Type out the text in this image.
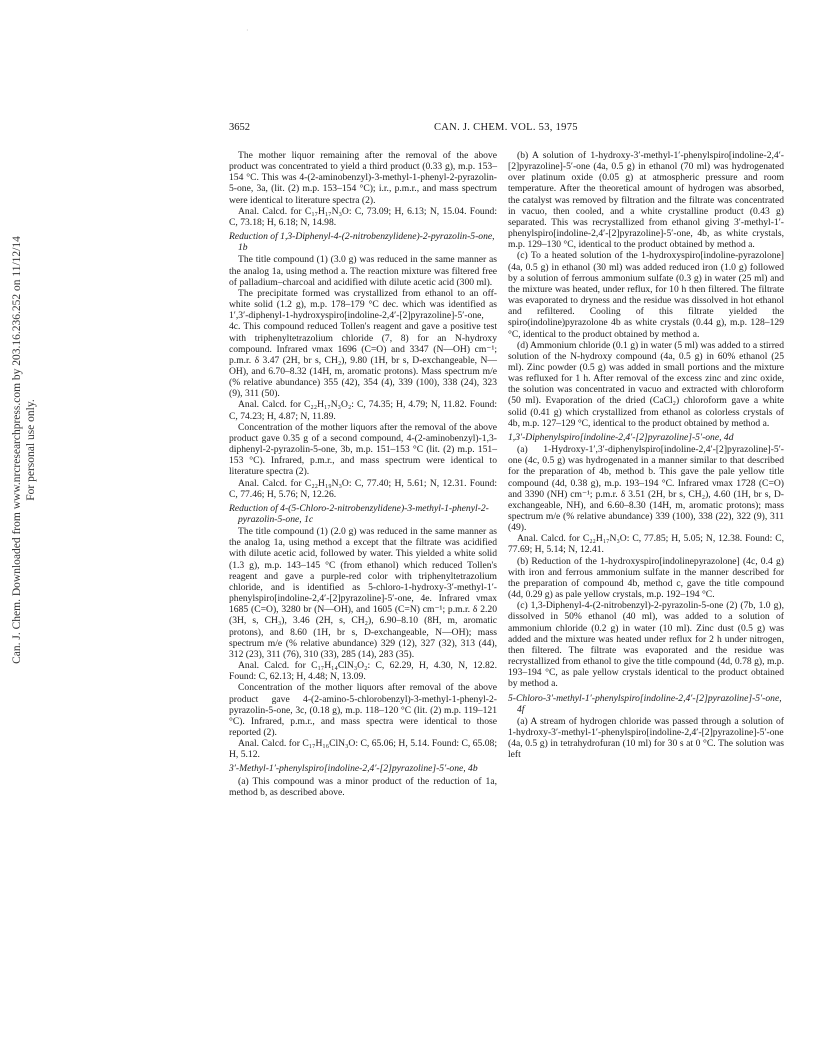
Can. J. Chem. Downloaded from www.nrcresearchpress.com by 203.16.236.252 on 11/12/14 For personal use only.
·
3652	CAN. J. CHEM. VOL. 53, 1975
The mother liquor remaining after the removal of the above product was concentrated to yield a third product (0.33 g), m.p. 153–154 °C. This was 4-(2-aminobenzyl)-3-methyl-1-phenyl-2-pyrazolin-5-one, 3a, (lit. (2) m.p. 153–154 °C); i.r., p.m.r., and mass spectrum were identical to literature spectra (2).
Anal. Calcd. for C₁₇H₁₇N₃O: C, 73.09; H, 6.13; N, 15.04. Found: C, 73.18; H, 6.18; N, 14.98.
Reduction of 1,3-Diphenyl-4-(2-nitrobenzylidene)-2-pyrazolin-5-one, 1b
The title compound (1) (3.0 g) was reduced in the same manner as the analog 1a, using method a. The reaction mixture was filtered free of palladium–charcoal and acidified with dilute acetic acid (300 ml).
The precipitate formed was crystallized from ethanol to an off-white solid (1.2 g), m.p. 178–179 °C dec. which was identified as 1′,3′-diphenyl-1-hydroxyspiro[indoline-2,4′-[2]pyrazoline]-5′-one, 4c. This compound reduced Tollen's reagent and gave a positive test with triphenyltetrazolium chloride (7, 8) for an N-hydroxy compound. Infrared νmax 1696 (C=O) and 3347 (N—OH) cm⁻¹; p.m.r. δ 3.47 (2H, br s, CH₂), 9.80 (1H, br s, D-exchangeable, N—OH), and 6.70–8.32 (14H, m, aromatic protons). Mass spectrum m/e (% relative abundance) 355 (42), 354 (4), 339 (100), 338 (24), 323 (9), 311 (50).
Anal. Calcd. for C₂₂H₁₇N₃O₂: C, 74.35; H, 4.79; N, 11.82. Found: C, 74.23; H, 4.87; N, 11.89.
Concentration of the mother liquors after the removal of the above product gave 0.35 g of a second compound, 4-(2-aminobenzyl)-1,3-diphenyl-2-pyrazolin-5-one, 3b, m.p. 151–153 °C (lit. (2) m.p. 151–153 °C). Infrared, p.m.r., and mass spectrum were identical to literature spectra (2).
Anal. Calcd. for C₂₂H₁₉N₃O: C, 77.40; H, 5.61; N, 12.31. Found: C, 77.46; H, 5.76; N, 12.26.
Reduction of 4-(5-Chloro-2-nitrobenzylidene)-3-methyl-1-phenyl-2-pyrazolin-5-one, 1c
The title compound (1) (2.0 g) was reduced in the same manner as the analog 1a, using method a except that the filtrate was acidified with dilute acetic acid, followed by water. This yielded a white solid (1.3 g), m.p. 143–145 °C (from ethanol) which reduced Tollen's reagent and gave a purple-red color with triphenyltetrazolium chloride, and is identified as 5-chloro-1-hydroxy-3′-methyl-1′-phenylspiro[indoline-2,4′-[2]pyrazoline]-5′-one, 4e. Infrared νmax 1685 (C=O), 3280 br (N—OH), and 1605 (C=N) cm⁻¹; p.m.r. δ 2.20 (3H, s, CH₃), 3.46 (2H, s, CH₂), 6.90–8.10 (8H, m, aromatic protons), and 8.60 (1H, br s, D-exchangeable, N—OH); mass spectrum m/e (% relative abundance) 329 (12), 327 (32), 313 (44), 312 (23), 311 (76), 310 (33), 285 (14), 283 (35).
Anal. Calcd. for C₁₇H₁₄ClN₃O₂: C, 62.29, H, 4.30, N, 12.82. Found: C, 62.13; H, 4.48; N, 13.09.
Concentration of the mother liquors after removal of the above product gave 4-(2-amino-5-chlorobenzyl)-3-methyl-1-phenyl-2-pyrazolin-5-one, 3c, (0.18 g), m.p. 118–120 °C (lit. (2) m.p. 119–121 °C). Infrared, p.m.r., and mass spectra were identical to those reported (2).
Anal. Calcd. for C₁₇H₁₆ClN₃O: C, 65.06; H, 5.14. Found: C, 65.08; H, 5.12.
3′-Methyl-1′-phenylspiro[indoline-2,4′-[2]pyrazoline]-5′-one, 4b
(a) This compound was a minor product of the reduction of 1a, method b, as described above.
(b) A solution of 1-hydroxy-3′-methyl-1′-phenylspiro[indoline-2,4′-[2]pyrazoline]-5′-one (4a, 0.5 g) in ethanol (70 ml) was hydrogenated over platinum oxide (0.05 g) at atmospheric pressure and room temperature. After the theoretical amount of hydrogen was absorbed, the catalyst was removed by filtration and the filtrate was concentrated in vacuo, then cooled, and a white crystalline product (0.43 g) separated. This was recrystallized from ethanol giving 3′-methyl-1′-phenylspiro[indoline-2,4′-[2]pyrazoline]-5′-one, 4b, as white crystals, m.p. 129–130 °C, identical to the product obtained by method a.
(c) To a heated solution of the 1-hydroxyspiro[indoline-pyrazolone] (4a, 0.5 g) in ethanol (30 ml) was added reduced iron (1.0 g) followed by a solution of ferrous ammonium sulfate (0.3 g) in water (25 ml) and the mixture was heated, under reflux, for 10 h then filtered. The filtrate was evaporated to dryness and the residue was dissolved in hot ethanol and refiltered. Cooling of this filtrate yielded the spiro(indoline)pyrazolone 4b as white crystals (0.44 g), m.p. 128–129 °C, identical to the product obtained by method a.
(d) Ammonium chloride (0.1 g) in water (5 ml) was added to a stirred solution of the N-hydroxy compound (4a, 0.5 g) in 60% ethanol (25 ml). Zinc powder (0.5 g) was added in small portions and the mixture was refluxed for 1 h. After removal of the excess zinc and zinc oxide, the solution was concentrated in vacuo and extracted with chloroform (50 ml). Evaporation of the dried (CaCl₂) chloroform gave a white solid (0.41 g) which crystallized from ethanol as colorless crystals of 4b, m.p. 127–129 °C, identical to the product obtained by method a.
1,3′-Diphenylspiro[indoline-2,4′-[2]pyrazoline]-5′-one, 4d
(a) 1-Hydroxy-1′,3′-diphenylspiro[indoline-2,4′-[2]pyrazoline]-5′-one (4c, 0.5 g) was hydrogenated in a manner similar to that described for the preparation of 4b, method b. This gave the pale yellow title compound (4d, 0.38 g), m.p. 193–194 °C. Infrared νmax 1728 (C=O) and 3390 (NH) cm⁻¹; p.m.r. δ 3.51 (2H, br s, CH₂), 4.60 (1H, br s, D-exchangeable, NH), and 6.60–8.30 (14H, m, aromatic protons); mass spectrum m/e (% relative abundance) 339 (100), 338 (22), 322 (9), 311 (49).
Anal. Calcd. for C₂₂H₁₇N₃O: C, 77.85; H, 5.05; N, 12.38. Found: C, 77.69; H, 5.14; N, 12.41.
(b) Reduction of the 1-hydroxyspiro[indolinepyrazolone] (4c, 0.4 g) with iron and ferrous ammonium sulfate in the manner described for the preparation of compound 4b, method c, gave the title compound (4d, 0.29 g) as pale yellow crystals, m.p. 192–194 °C.
(c) 1,3-Diphenyl-4-(2-nitrobenzyl)-2-pyrazolin-5-one (2) (7b, 1.0 g), dissolved in 50% ethanol (40 ml), was added to a solution of ammonium chloride (0.2 g) in water (10 ml). Zinc dust (0.5 g) was added and the mixture was heated under reflux for 2 h under nitrogen, then filtered. The filtrate was evaporated and the residue was recrystallized from ethanol to give the title compound (4d, 0.78 g), m.p. 193–194 °C, as pale yellow crystals identical to the product obtained by method a.
5-Chloro-3′-methyl-1′-phenylspiro[indoline-2,4′-[2]pyrazoline]-5′-one, 4f
(a) A stream of hydrogen chloride was passed through a solution of 1-hydroxy-3′-methyl-1′-phenylspiro[indoline-2,4′-[2]pyrazoline]-5′-one (4a, 0.5 g) in tetrahydrofuran (10 ml) for 30 s at 0 °C. The solution was left
